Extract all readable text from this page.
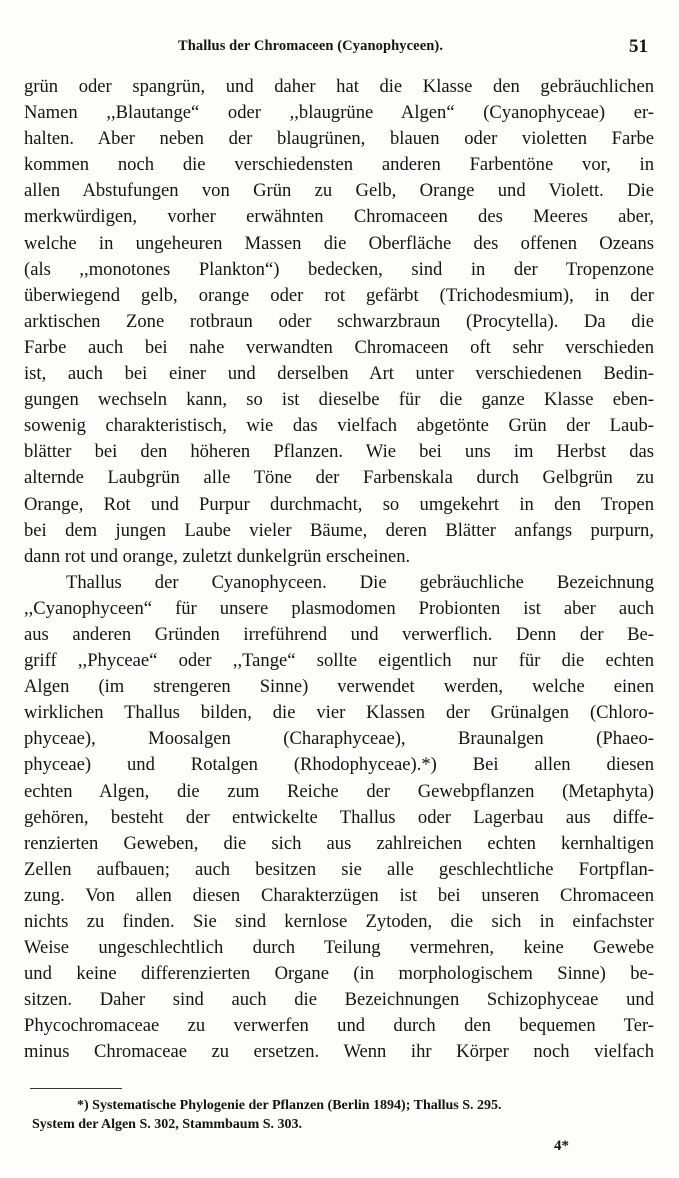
Thallus der Chromaceen (Cyanophyceen).	51
grün oder spangrün, und daher hat die Klasse den gebräuchlichen
Namen ,,Blautange“ oder ,,blaugrüne Algen“ (Cyanophyceae) er-
halten. Aber neben der blaugrünen, blauen oder violetten Farbe
kommen noch die verschiedensten anderen Farbentöne vor, in
allen Abstufungen von Grün zu Gelb, Orange und Violett. Die
merkwürdigen, vorher erwähnten Chromaceen des Meeres aber,
welche in ungeheuren Massen die Oberfläche des offenen Ozeans
(als ,,monotones Plankton“) bedecken, sind in der Tropenzone
überwiegend gelb, orange oder rot gefärbt (Trichodesmium), in der
arktischen Zone rotbraun oder schwarzbraun (Procytella). Da die
Farbe auch bei nahe verwandten Chromaceen oft sehr verschieden
ist, auch bei einer und derselben Art unter verschiedenen Bedin-
gungen wechseln kann, so ist dieselbe für die ganze Klasse eben-
sowenig charakteristisch, wie das vielfach abgetönte Grün der Laub-
blätter bei den höheren Pflanzen. Wie bei uns im Herbst das
alternde Laubgrün alle Töne der Farbenskala durch Gelbgrün zu
Orange, Rot und Purpur durchmacht, so umgekehrt in den Tropen
bei dem jungen Laube vieler Bäume, deren Blätter anfangs purpurn,
dann rot und orange, zuletzt dunkelgrün erscheinen.
Thallus der Cyanophyceen. Die gebräuchliche Bezeichnung
,,Cyanophyceen“ für unsere plasmodomen Probionten ist aber auch
aus anderen Gründen irreführend und verwerflich. Denn der Be-
griff ,,Phyceae“ oder ,,Tange“ sollte eigentlich nur für die echten
Algen (im strengeren Sinne) verwendet werden, welche einen
wirklichen Thallus bilden, die vier Klassen der Grünalgen (Chloro-
phyceae), Moosalgen (Charaphyceae), Braunalgen (Phaeo-
phyceae) und Rotalgen (Rhodophyceae).*) Bei allen diesen
echten Algen, die zum Reiche der Gewebpflanzen (Metaphyta)
gehören, besteht der entwickelte Thallus oder Lagerbau aus diffe-
renzierten Geweben, die sich aus zahlreichen echten kernhaltigen
Zellen aufbauen; auch besitzen sie alle geschlechtliche Fortpflan-
zung. Von allen diesen Charakterzügen ist bei unseren Chromaceen
nichts zu finden. Sie sind kernlose Zytoden, die sich in einfachster
Weise ungeschlechtlich durch Teilung vermehren, keine Gewebe
und keine differenzierten Organe (in morphologischem Sinne) be-
sitzen. Daher sind auch die Bezeichnungen Schizophyceae und
Phycochromaceae zu verwerfen und durch den bequemen Ter-
minus Chromaceae zu ersetzen. Wenn ihr Körper noch vielfach
*) Systematische Phylogenie der Pflanzen (Berlin 1894); Thallus S. 295.
System der Algen S. 302, Stammbaum S. 303.
4*
